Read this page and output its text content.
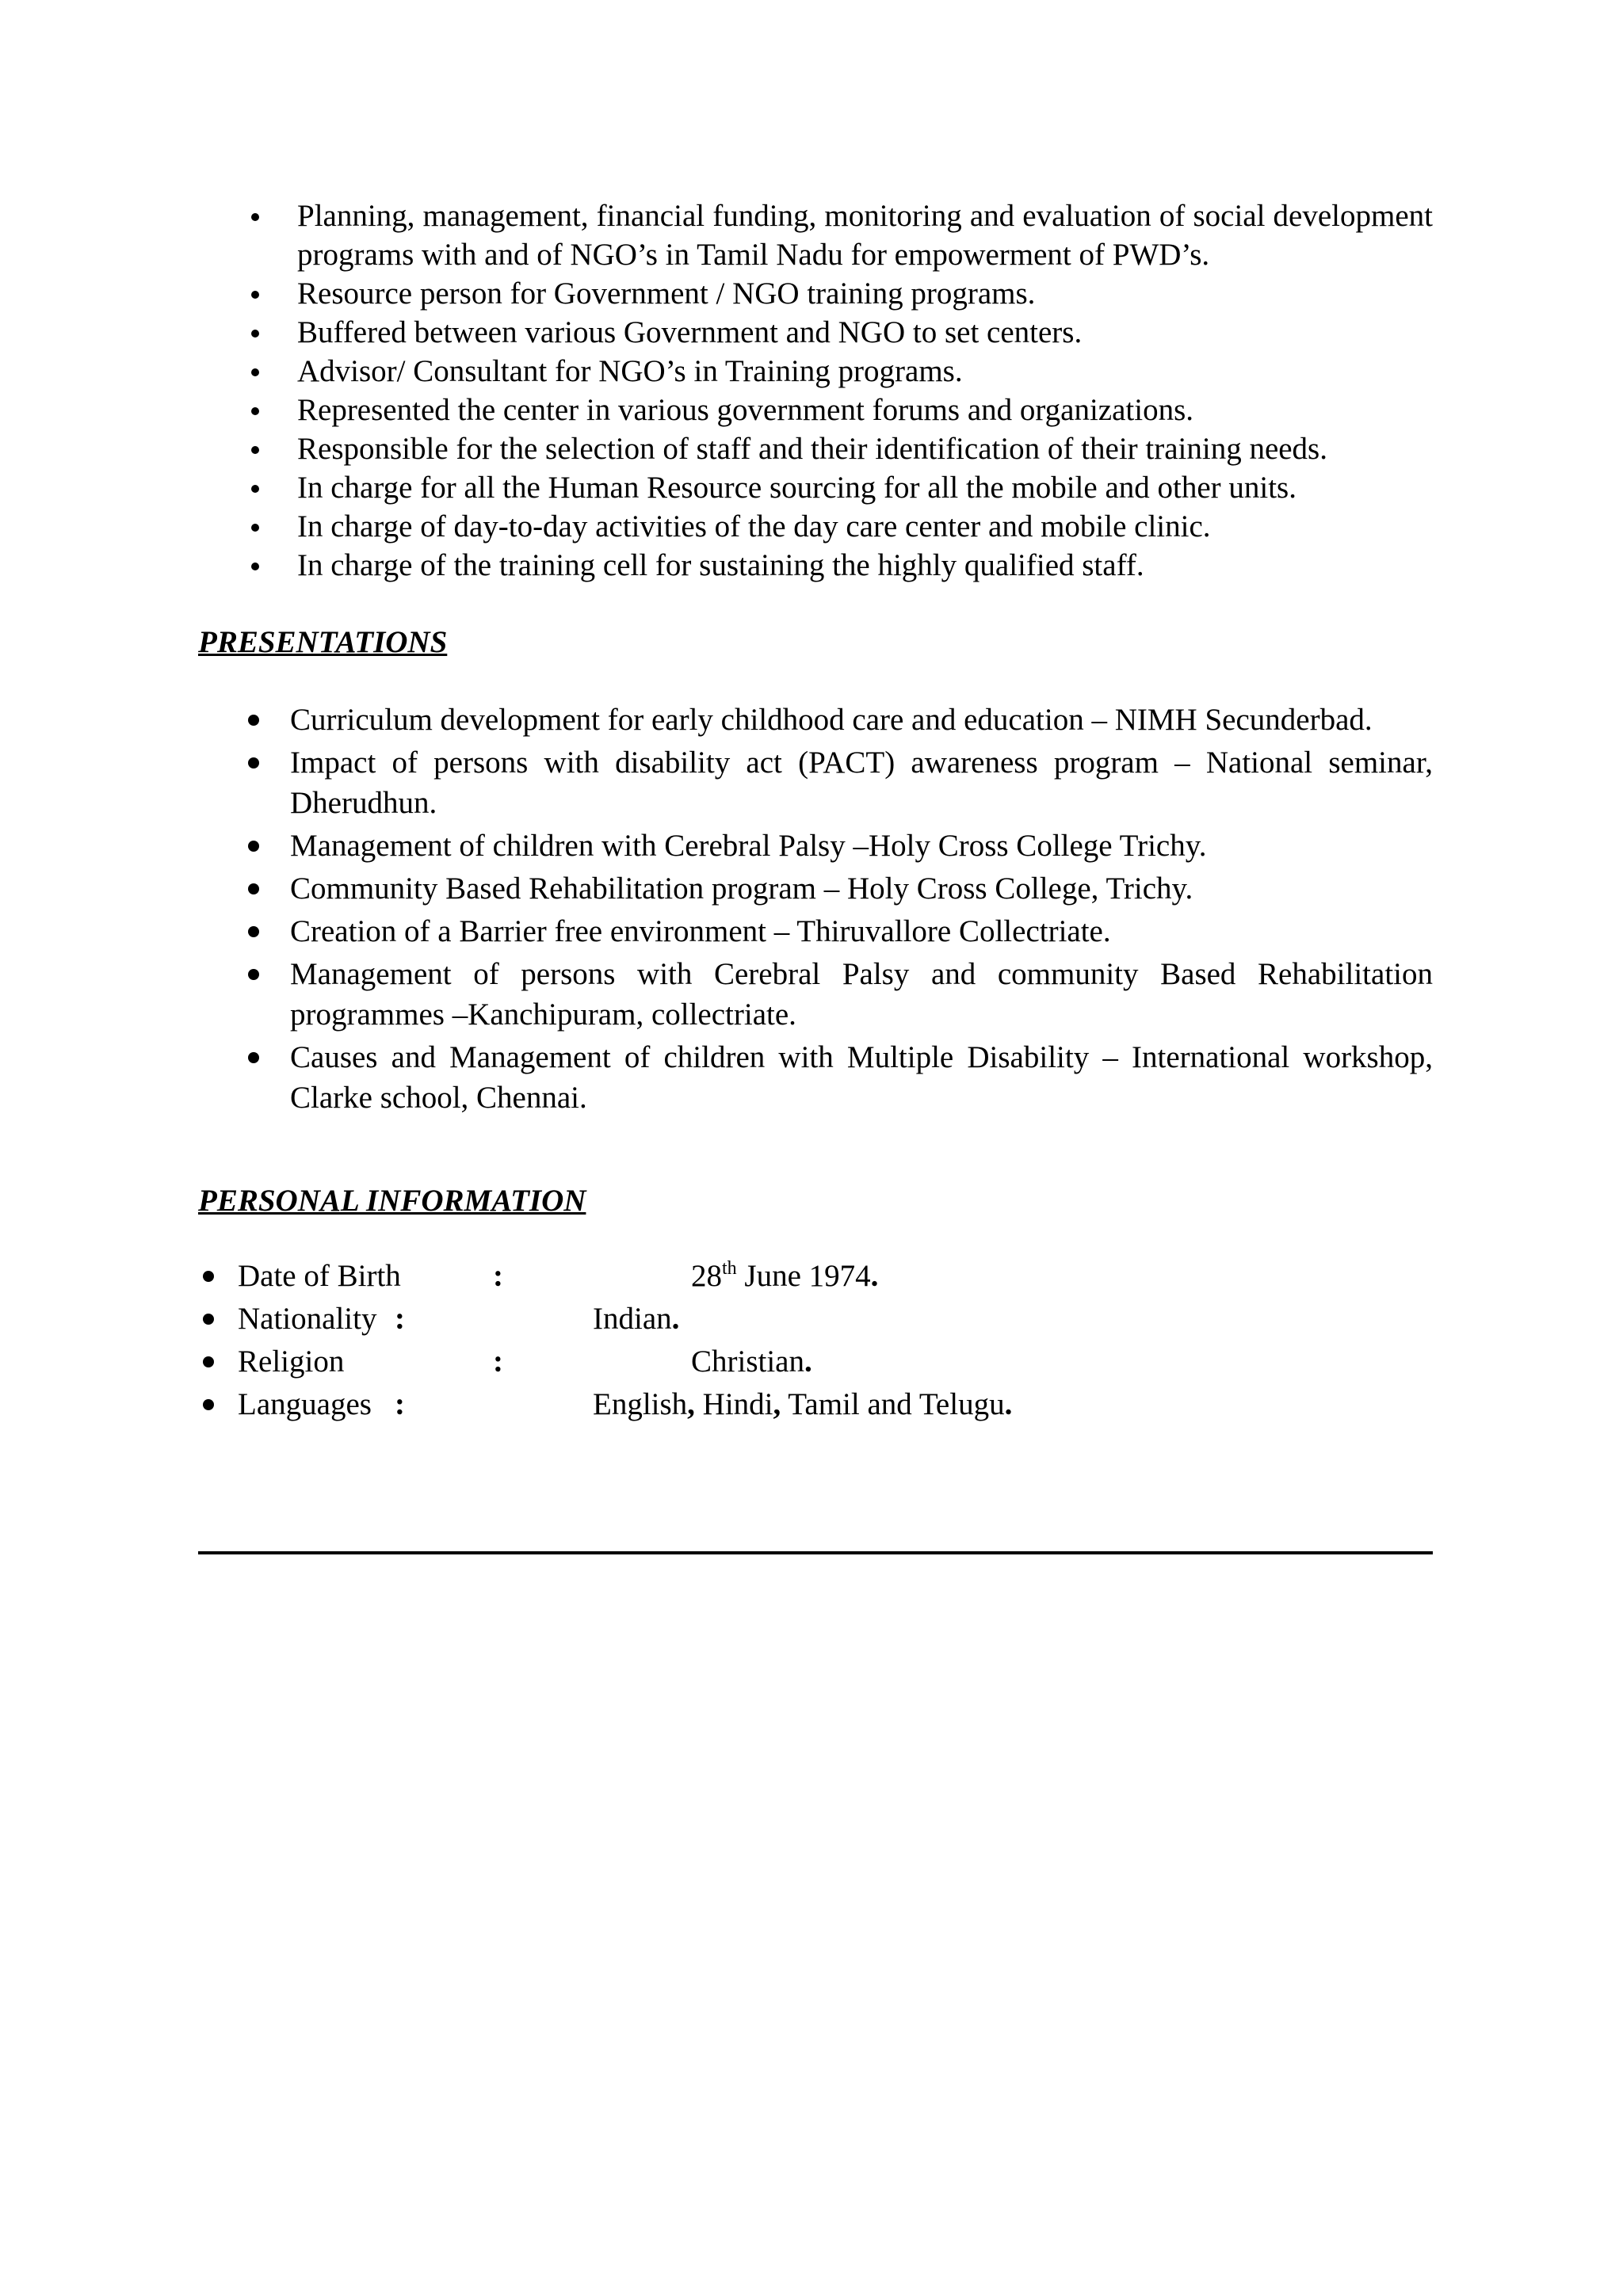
Planning, management, financial funding, monitoring and evaluation of social development programs with and of NGO’s in Tamil Nadu for empowerment of PWD’s.
Resource person for Government / NGO training programs.
Buffered between various Government and NGO to set centers.
Advisor/ Consultant for NGO’s in Training programs.
Represented the center in various government forums and organizations.
Responsible for the selection of staff and their identification of their training needs.
In charge for all the Human Resource sourcing for all the mobile and other units.
In charge of day-to-day activities of the day care center and mobile clinic.
In charge of the training cell for sustaining the highly qualified staff.
PRESENTATIONS
Curriculum development for early childhood care and education – NIMH Secunderbad.
Impact of persons with disability act (PACT) awareness program – National seminar, Dherudhun.
Management of children with Cerebral Palsy –Holy Cross College Trichy.
Community Based Rehabilitation program – Holy Cross College, Trichy.
Creation of a Barrier free environment – Thiruvallore Collectriate.
Management of persons with Cerebral Palsy and community Based Rehabilitation programmes –Kanchipuram, collectriate.
Causes and Management of children with Multiple Disability – International workshop, Clarke school, Chennai.
PERSONAL INFORMATION
Date of Birth	:	28th June 1974.
Nationality :	Indian.
Religion	:	Christian.
Languages :	English, Hindi, Tamil and Telugu.
